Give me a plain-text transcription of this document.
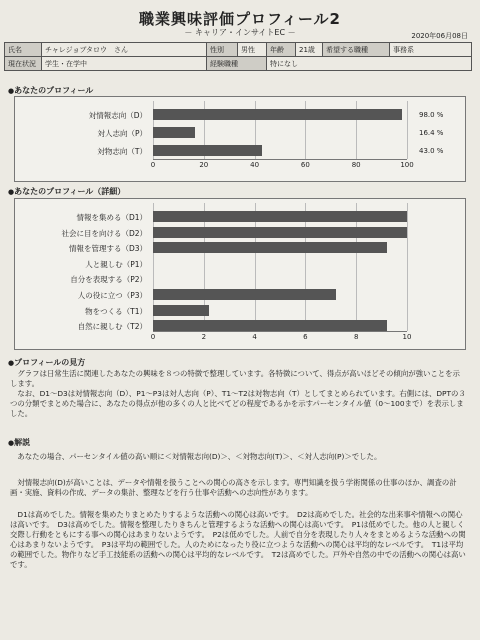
職業興味評価プロフィール2
－ キャリア・インサイトEC －	2020年06月08日
氏名	チャレジョブタロウ　さん	性別	男性	年齢	21歳	希望する職種	事務系
現在状況	学生・在学中	経験職種		特になし			
●あなたのプロフィール
0	20	40	60	80	100
対情報志向（D）	98.0 %
対人志向（P）	16.4 %
対物志向（T）	43.0 %
●あなたのプロフィール（詳細）
0	2	4	6	8	10
情報を集める（D1）
社会に目を向ける（D2）
情報を管理する（D3）
人と親しむ（P1）
自分を表現する（P2）
人の役に立つ（P3）
物をつくる（T1）
自然に親しむ（T2）
●プロフィールの見方
グラフは日常生活に関連したあなたの興味を８つの特徴で整理しています。各特徴について、得点が高いほどその傾向が強いことを示します。
なお、D1～D3は対情報志向（D）、P1～P3は対人志向（P）、T1～T2は対物志向（T）としてまとめられています。右側には、DPTの３つの分類でまとめた場合に、あなたの得点が他の多くの人と比べてどの程度であるかを示すパーセンタイル値（0～100まで）を表示しました。
●解説
あなたの場合、パーセンタイル値の高い順に＜対情報志向(D)＞、＜対物志向(T)＞、＜対人志向(P)＞でした。
対情報志向(D)が高いことは、データや情報を扱うことへの関心の高さを示します。専門知識を扱う学術関係の仕事のほか、調査の計画・実施、資料の作成、データの集計、整理などを行う仕事や活動への志向性があります。
D1は高めでした。情報を集めたりまとめたりするような活動への関心は高いです。　D2は高めでした。社会的な出来事や情報への関心は高いです。　D3は高めでした。情報を整理したりきちんと管理するような活動への関心は高いです。　P1は低めでした。他の人と親しく交際し行動をともにする事への関心はあまりないようです。　P2は低めでした。人前で自分を表現したり人々をまとめるような活動への関心はあまりないようです。　P3は平均の範囲でした。人のためになったり役に立つような活動への関心は平均的なレベルです。　T1は平均の範囲でした。物作りなど手工技能系の活動への関心は平均的なレベルです。　T2は高めでした。戸外や自然の中での活動への関心は高いです。
